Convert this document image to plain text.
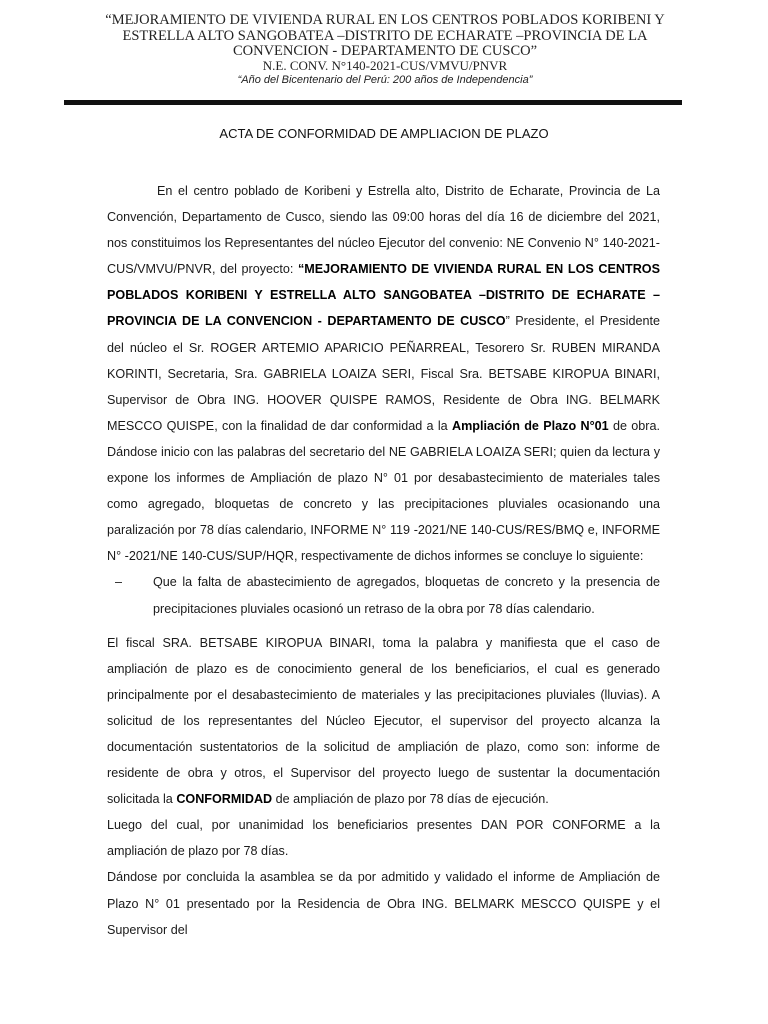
“MEJORAMIENTO DE VIVIENDA RURAL EN LOS CENTROS POBLADOS KORIBENI Y ESTRELLA ALTO SANGOBATEA –DISTRITO DE ECHARATE –PROVINCIA DE LA CONVENCION - DEPARTAMENTO DE CUSCO”
N.E. CONV. N°140-2021-CUS/VMVU/PNVR
“Año del Bicentenario del Perú: 200 años de Independencia”
ACTA DE CONFORMIDAD DE AMPLIACION DE PLAZO

En el centro poblado de Koribeni y Estrella alto, Distrito de Echarate, Provincia de La Convención, Departamento de Cusco, siendo las 09:00 horas del día 16 de diciembre del 2021, nos constituimos los Representantes del núcleo Ejecutor del convenio: NE Convenio N° 140-2021-CUS/VMVU/PNVR, del proyecto: “MEJORAMIENTO DE VIVIENDA RURAL EN LOS CENTROS POBLADOS KORIBENI Y ESTRELLA ALTO SANGOBATEA –DISTRITO DE ECHARATE – PROVINCIA DE LA CONVENCION - DEPARTAMENTO DE CUSCO” Presidente, el Presidente del núcleo el Sr. ROGER ARTEMIO APARICIO PEÑARREAL, Tesorero Sr. RUBEN MIRANDA KORINTI, Secretaria, Sra. GABRIELA LOAIZA SERI, Fiscal Sra. BETSABE KIROPUA BINARI, Supervisor de Obra ING. HOOVER QUISPE RAMOS, Residente de Obra ING. BELMARK MESCCO QUISPE, con la finalidad de dar conformidad a la Ampliación de Plazo N°01 de obra. Dándose inicio con las palabras del secretario del NE GABRIELA LOAIZA SERI; quien da lectura y expone los informes de Ampliación de plazo N° 01 por desabastecimiento de materiales tales como agregado, bloquetas de concreto y las precipitaciones pluviales ocasionando una paralización por 78 días calendario, INFORME N° 119 -2021/NE 140-CUS/RES/BMQ e, INFORME N° -2021/NE 140-CUS/SUP/HQR, respectivamente de dichos informes se concluye lo siguiente:

– Que la falta de abastecimiento de agregados, bloquetas de concreto y la presencia de precipitaciones pluviales ocasionó un retraso de la obra por 78 días calendario.

El fiscal SRA. BETSABE KIROPUA BINARI, toma la palabra y manifiesta que el caso de ampliación de plazo es de conocimiento general de los beneficiarios, el cual es generado principalmente por el desabastecimiento de materiales y las precipitaciones pluviales (lluvias). A solicitud de los representantes del Núcleo Ejecutor, el supervisor del proyecto alcanza la documentación sustentatorios de la solicitud de ampliación de plazo, como son: informe de residente de obra y otros, el Supervisor del proyecto luego de sustentar la documentación solicitada la CONFORMIDAD de ampliación de plazo por 78 días de ejecución.

Luego del cual, por unanimidad los beneficiarios presentes DAN POR CONFORME a la ampliación de plazo por 78 días.

Dándose por concluida la asamblea se da por admitido y validado el informe de Ampliación de Plazo N° 01 presentado por la Residencia de Obra ING. BELMARK MESCCO QUISPE y el Supervisor del
